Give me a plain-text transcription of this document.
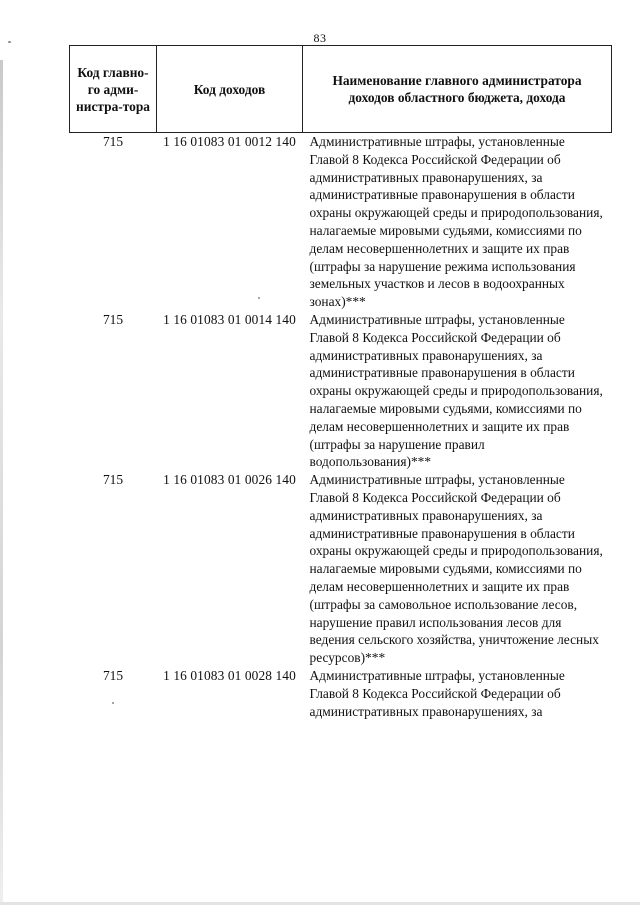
83
Код главно-го адми-нистра-тора	Код доходов	Наименование главного администратора доходов областного бюджета, дохода
715	1 16 01083 01 0012 140	Административные штрафы, установленные Главой 8 Кодекса Российской Федерации об административных правонарушениях, за административные правонарушения в области охраны окружающей среды и природопользования, налагаемые мировыми судьями, комиссиями по делам несовершеннолетних и защите их прав (штрафы за нарушение режима использования земельных участков и лесов в водоохранных зонах)***
715	1 16 01083 01 0014 140	Административные штрафы, установленные Главой 8 Кодекса Российской Федерации об административных правонарушениях, за административные правонарушения в области охраны окружающей среды и природопользования, налагаемые мировыми судьями, комиссиями по делам несовершеннолетних и защите их прав (штрафы за нарушение правил водопользования)***
715	1 16 01083 01 0026 140	Административные штрафы, установленные Главой 8 Кодекса Российской Федерации об административных правонарушениях, за административные правонарушения в области охраны окружающей среды и природопользования, налагаемые мировыми судьями, комиссиями по делам несовершеннолетних и защите их прав (штрафы за самовольное использование лесов, нарушение правил использования лесов для ведения сельского хозяйства, уничтожение лесных ресурсов)***
715	1 16 01083 01 0028 140	Административные штрафы, установленные Главой 8 Кодекса Российской Федерации об административных правонарушениях, за
